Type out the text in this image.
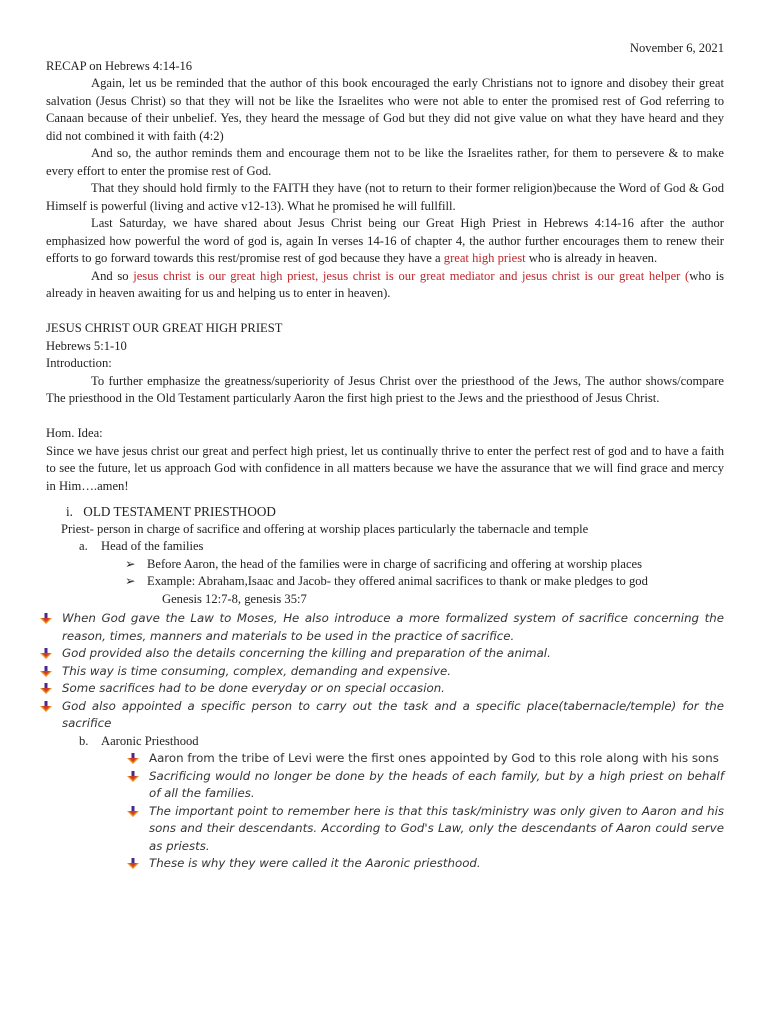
November 6, 2021
RECAP on Hebrews 4:14-16

Again, let us be reminded that the author of this book encouraged the early Christians not to ignore and disobey their great salvation (Jesus Christ) so that they will not be like the Israelites who were not able to enter the promised rest of God referring to Canaan because of their unbelief. Yes, they heard the message of God but they did not give value on what they have heard and they did not combined it with faith (4:2)

And so, the author reminds them and encourage them not to be like the Israelites rather, for them to persevere & to make every effort to enter the promise rest of God.

That they should hold firmly to the FAITH they have (not to return to their former religion)because the Word of God & God Himself is powerful (living and active v12-13). What he promised he will fullfill.

Last Saturday, we have shared about Jesus Christ being our Great High Priest in Hebrews 4:14-16 after the author emphasized how powerful the word of god is, again In verses 14-16 of chapter 4, the author further encourages them to renew their efforts to go forward towards this rest/promise rest of god because they have a great high priest who is already in heaven.

And so jesus christ is our great high priest, jesus christ is our great mediator and jesus christ is our great helper (who is already in heaven awaiting for us and helping us to enter in heaven).

JESUS CHRIST OUR GREAT HIGH PRIEST
Hebrews 5:1-10
Introduction:

To further emphasize the greatness/superiority of Jesus Christ over the priesthood of the Jews, The author shows/compare The priesthood in the Old Testament particularly Aaron the first high priest to the Jews and the priesthood of Jesus Christ.

Hom. Idea:

Since we have jesus christ our great and perfect high priest, let us continually thrive to enter the perfect rest of god and to have a faith to see the future, let us approach God with confidence in all matters because we have the assurance that we will find grace and mercy in Him….amen!

i. OLD TESTAMENT PRIESTHOOD
Priest- person in charge of sacrifice and offering at worship places particularly the tabernacle and temple
a. Head of the families
➢ Before Aaron, the head of the families were in charge of sacrificing and offering at worship places
➢ Example: Abraham,Isaac and Jacob- they offered animal sacrifices to thank or make pledges to god
Genesis 12:7-8, genesis 35:7
When God gave the Law to Moses, He also introduce a more formalized system of sacrifice concerning the reason, times, manners and materials to be used in the practice of sacrifice.
God provided also the details concerning the killing and preparation of the animal.
This way is time consuming, complex, demanding and expensive.
Some sacrifices had to be done everyday or on special occasion.
God also appointed a specific person to carry out the task and a specific place(tabernacle/temple) for the sacrifice
b. Aaronic Priesthood
Aaron from the tribe of Levi were the first ones appointed by God to this role along with his sons
Sacrificing would no longer be done by the heads of each family, but by a high priest on behalf of all the families.
The important point to remember here is that this task/ministry was only given to Aaron and his sons and their descendants. According to God's Law, only the descendants of Aaron could serve as priests.
These is why they were called it the Aaronic priesthood.
